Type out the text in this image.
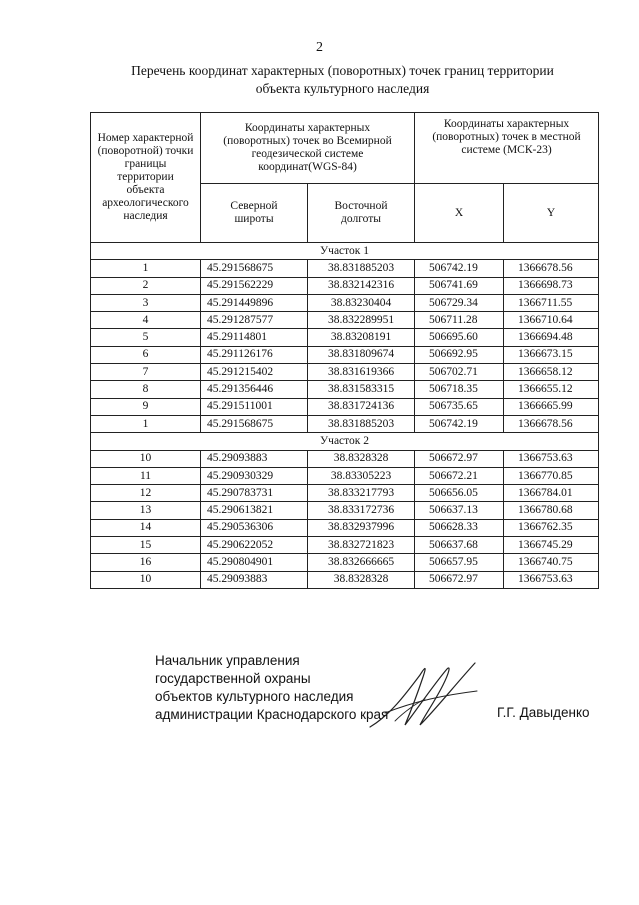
2
Перечень координат характерных (поворотных) точек границ территории
объекта культурного наследия
Номер характерной (поворотной) точки границы территории объекта археологического наследия	Координаты характерных (поворотных) точек во Всемирной геодезической системе координат(WGS-84)		Координаты характерных (поворотных) точек в местной системе (МСК-23)	
	Северной широты	Восточной долготы	X	Y
Участок 1				
1	45.291568675	38.831885203	506742.19	1366678.56
2	45.291562229	38.832142316	506741.69	1366698.73
3	45.291449896	38.83230404	506729.34	1366711.55
4	45.291287577	38.832289951	506711.28	1366710.64
5	45.29114801	38.83208191	506695.60	1366694.48
6	45.291126176	38.831809674	506692.95	1366673.15
7	45.291215402	38.831619366	506702.71	1366658.12
8	45.291356446	38.831583315	506718.35	1366655.12
9	45.291511001	38.831724136	506735.65	1366665.99
1	45.291568675	38.831885203	506742.19	1366678.56
Участок 2				
10	45.29093883	38.8328328	506672.97	1366753.63
11	45.290930329	38.83305223	506672.21	1366770.85
12	45.290783731	38.833217793	506656.05	1366784.01
13	45.290613821	38.833172736	506637.13	1366780.68
14	45.290536306	38.832937996	506628.33	1366762.35
15	45.290622052	38.832721823	506637.68	1366745.29
16	45.290804901	38.832666665	506657.95	1366740.75
10	45.29093883	38.8328328	506672.97	1366753.63
Начальник управления
государственной охраны
объектов культурного наследия
администрации Краснодарского края	Г.Г. Давыденко
